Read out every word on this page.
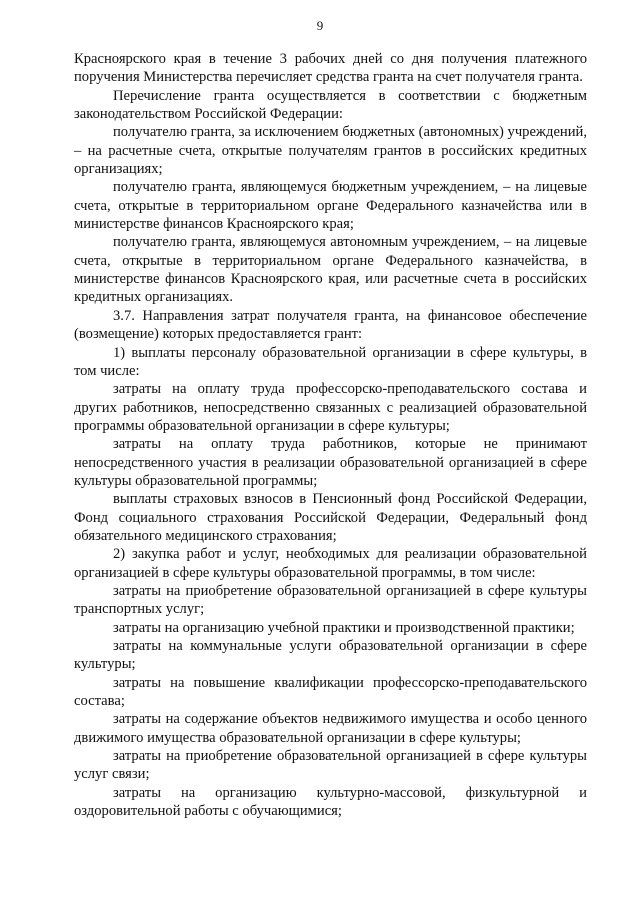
9

Красноярского края в течение 3 рабочих дней со дня получения платежного поручения Министерства перечисляет средства гранта на счет получателя гранта.

Перечисление гранта осуществляется в соответствии с бюджетным законодательством Российской Федерации:

получателю гранта, за исключением бюджетных (автономных) учреждений, – на расчетные счета, открытые получателям грантов в российских кредитных организациях;

получателю гранта, являющемуся бюджетным учреждением, – на лицевые счета, открытые в территориальном органе Федерального казначейства или в министерстве финансов Красноярского края;

получателю гранта, являющемуся автономным учреждением, – на лицевые счета, открытые в территориальном органе Федерального казначейства, в министерстве финансов Красноярского края, или расчетные счета в российских кредитных организациях.

3.7. Направления затрат получателя гранта, на финансовое обеспечение (возмещение) которых предоставляется грант:

1) выплаты персоналу образовательной организации в сфере культуры, в том числе:

затраты на оплату труда профессорско-преподавательского состава и других работников, непосредственно связанных с реализацией образовательной программы образовательной организации в сфере культуры;

затраты на оплату труда работников, которые не принимают непосредственного участия в реализации образовательной организацией в сфере культуры образовательной программы;

выплаты страховых взносов в Пенсионный фонд Российской Федерации, Фонд социального страхования Российской Федерации, Федеральный фонд обязательного медицинского страхования;

2) закупка работ и услуг, необходимых для реализации образовательной организацией в сфере культуры образовательной программы, в том числе:

затраты на приобретение образовательной организацией в сфере культуры транспортных услуг;

затраты на организацию учебной практики и производственной практики;

затраты на коммунальные услуги образовательной организации в сфере культуры;

затраты на повышение квалификации профессорско-преподавательского состава;

затраты на содержание объектов недвижимого имущества и особо ценного движимого имущества образовательной организации в сфере культуры;

затраты на приобретение образовательной организацией в сфере культуры услуг связи;

затраты на организацию культурно-массовой, физкультурной и оздоровительной работы с обучающимися;
